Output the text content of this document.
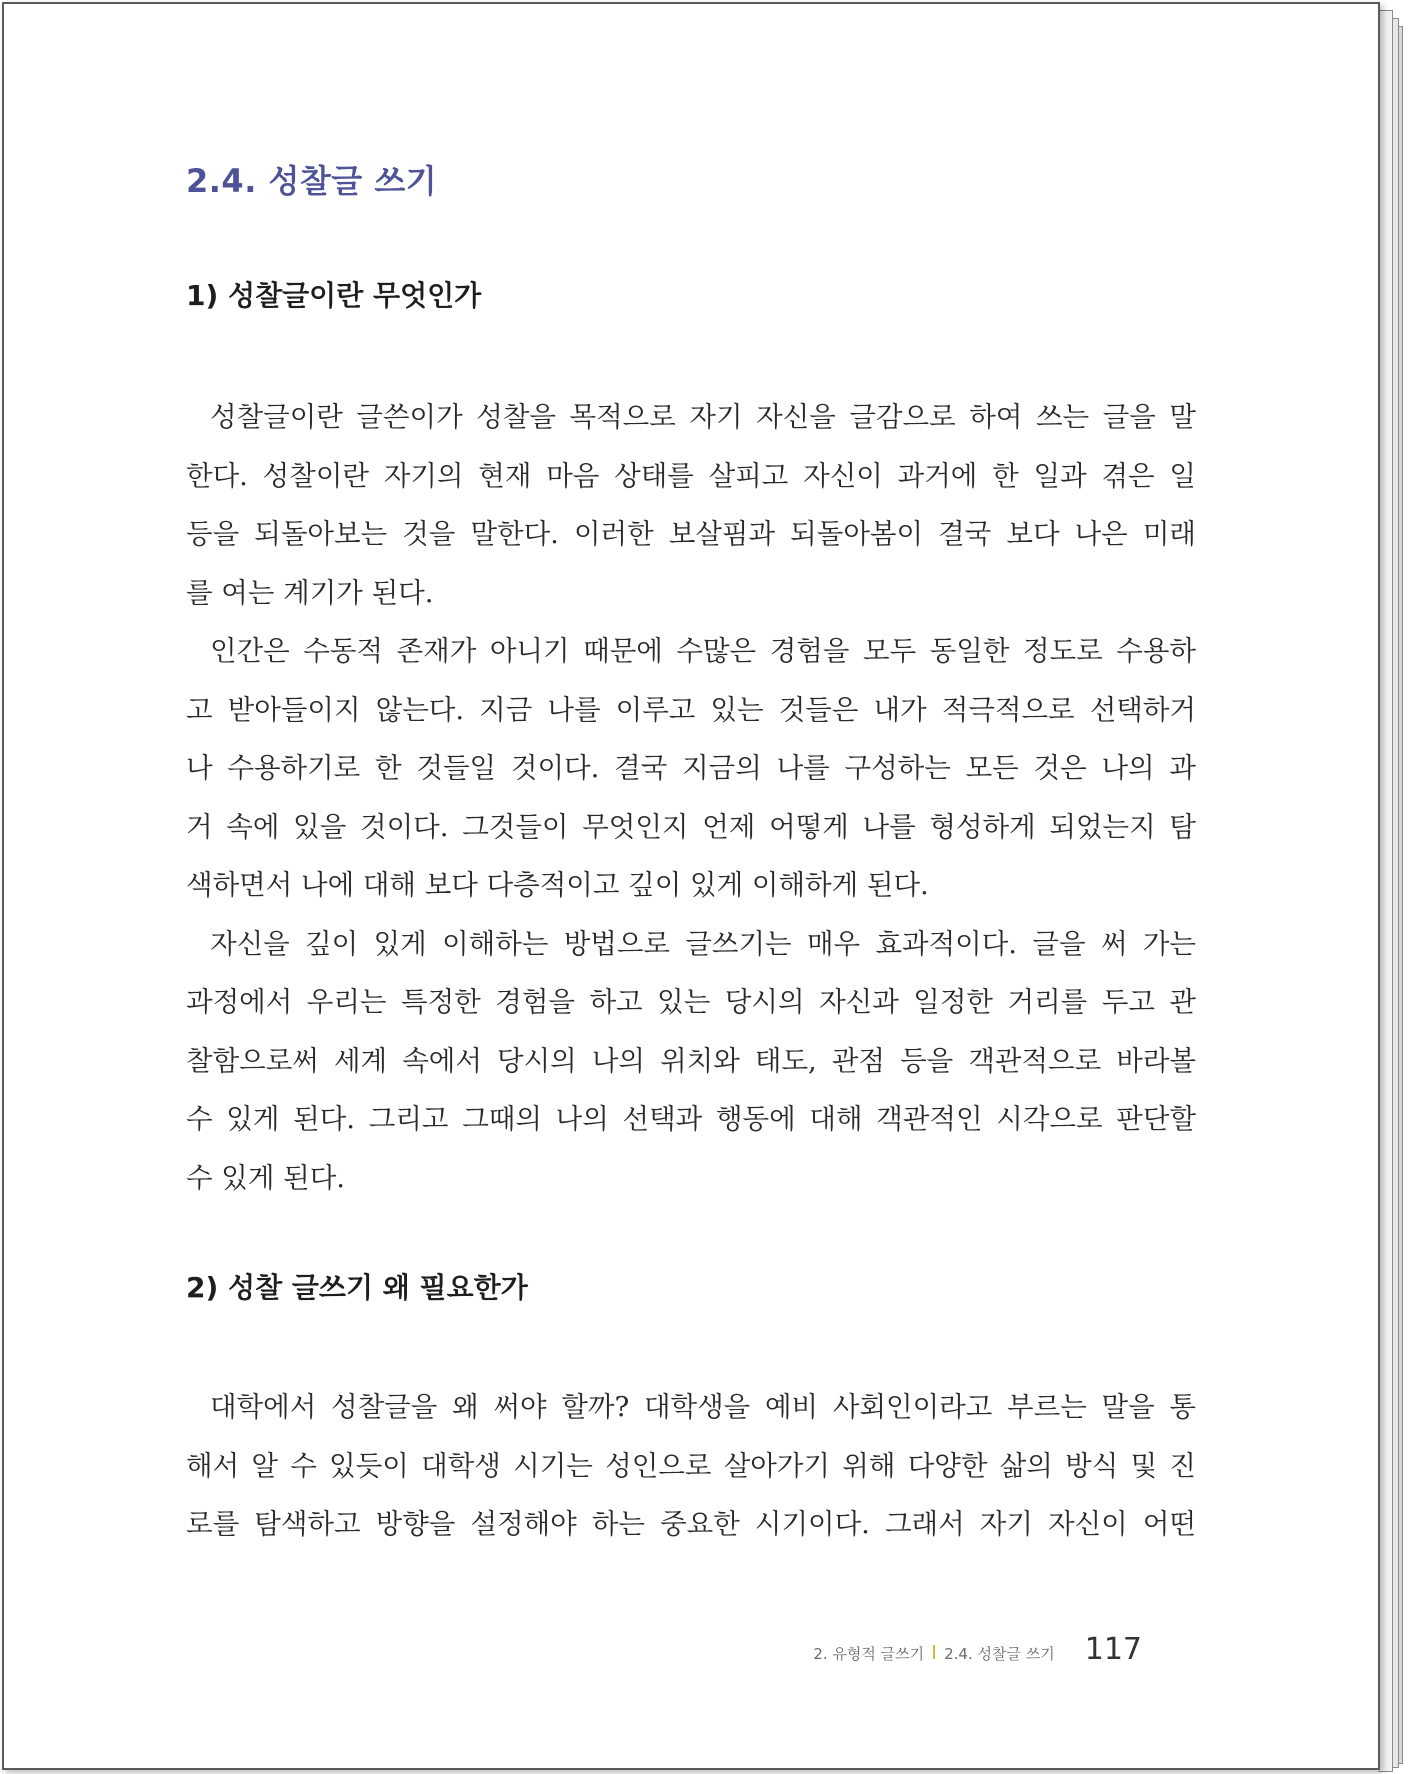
2.4. 성찰글 쓰기
1) 성찰글이란 무엇인가
성찰글이란 글쓴이가 성찰을 목적으로 자기 자신을 글감으로 하여 쓰는 글을 말
한다. 성찰이란 자기의 현재 마음 상태를 살피고 자신이 과거에 한 일과 겪은 일
등을 되돌아보는 것을 말한다. 이러한 보살핌과 되돌아봄이 결국 보다 나은 미래
를 여는 계기가 된다.
인간은 수동적 존재가 아니기 때문에 수많은 경험을 모두 동일한 정도로 수용하
고 받아들이지 않는다. 지금 나를 이루고 있는 것들은 내가 적극적으로 선택하거
나 수용하기로 한 것들일 것이다. 결국 지금의 나를 구성하는 모든 것은 나의 과
거 속에 있을 것이다. 그것들이 무엇인지 언제 어떻게 나를 형성하게 되었는지 탐
색하면서 나에 대해 보다 다층적이고 깊이 있게 이해하게 된다.
자신을 깊이 있게 이해하는 방법으로 글쓰기는 매우 효과적이다. 글을 써 가는
과정에서 우리는 특정한 경험을 하고 있는 당시의 자신과 일정한 거리를 두고 관
찰함으로써 세계 속에서 당시의 나의 위치와 태도, 관점 등을 객관적으로 바라볼
수 있게 된다. 그리고 그때의 나의 선택과 행동에 대해 객관적인 시각으로 판단할
수 있게 된다.
2) 성찰 글쓰기 왜 필요한가
대학에서 성찰글을 왜 써야 할까? 대학생을 예비 사회인이라고 부르는 말을 통
해서 알 수 있듯이 대학생 시기는 성인으로 살아가기 위해 다양한 삶의 방식 및 진
로를 탐색하고 방향을 설정해야 하는 중요한 시기이다. 그래서 자기 자신이 어떤
2. 유형적 글쓰기 2.4. 성찰글 쓰기 117
